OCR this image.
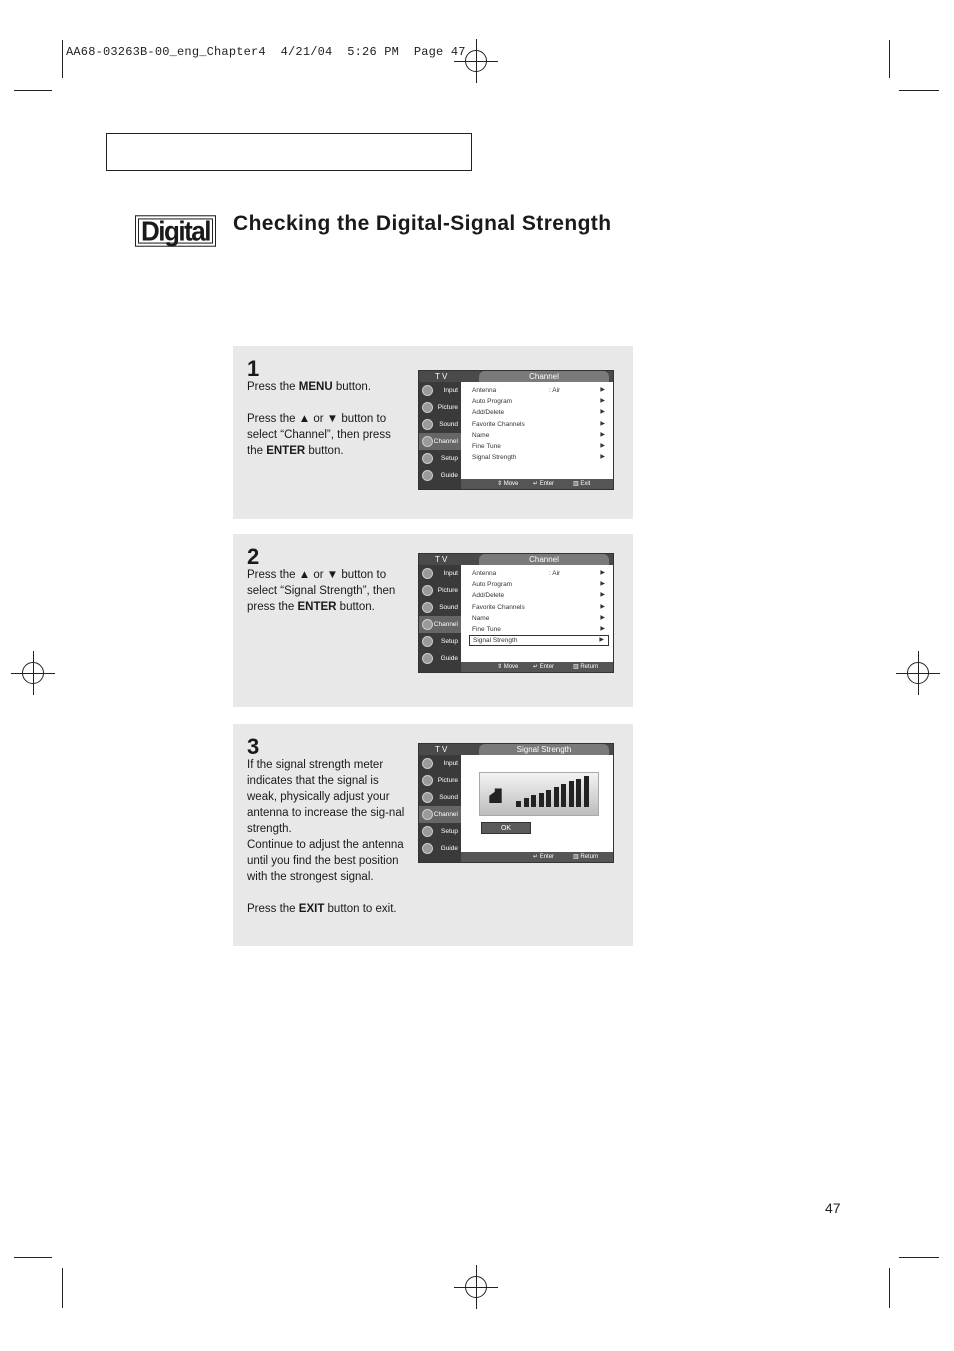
AA68-03263B-00_eng_Chapter4  4/21/04  5:26 PM  Page 47
Digital Checking the Digital-Signal Strength
1

Press the MENU button.

Press the ▲ or ▼ button to select “Channel”, then press the ENTER button.

T V	Channel
Input
Picture
Sound
Channel
Setup
Guide
Antenna	: Air	▶
Auto Program	▶
Add/Delete	▶
Favorite Channels	▶
Name	▶
Fine Tune	▶
Signal Strength	▶
⇕ Move ↵ Enter	▥ Exit
2

Press the ▲ or ▼ button to select “Signal Strength”, then press the ENTER button.

T V	Channel
Input
Picture
Sound
Channel
Setup
Guide
Antenna	: Air	▶
Auto Program	▶
Add/Delete	▶
Favorite Channels	▶
Name	▶
Fine Tune	▶
Signal Strength	▶
⇕ Move ↵ Enter	▥ Return
3

If the signal strength meter indicates that the signal is weak, physically adjust your antenna to increase the sig-nal strength.
Continue to adjust the antenna until you find the best position with the strongest signal.

Press the EXIT button to exit.

T V	Signal Strength
Input
Picture
Sound
Channel
Setup
Guide
⛘
OK
↵ Enter	▥ Return
47
